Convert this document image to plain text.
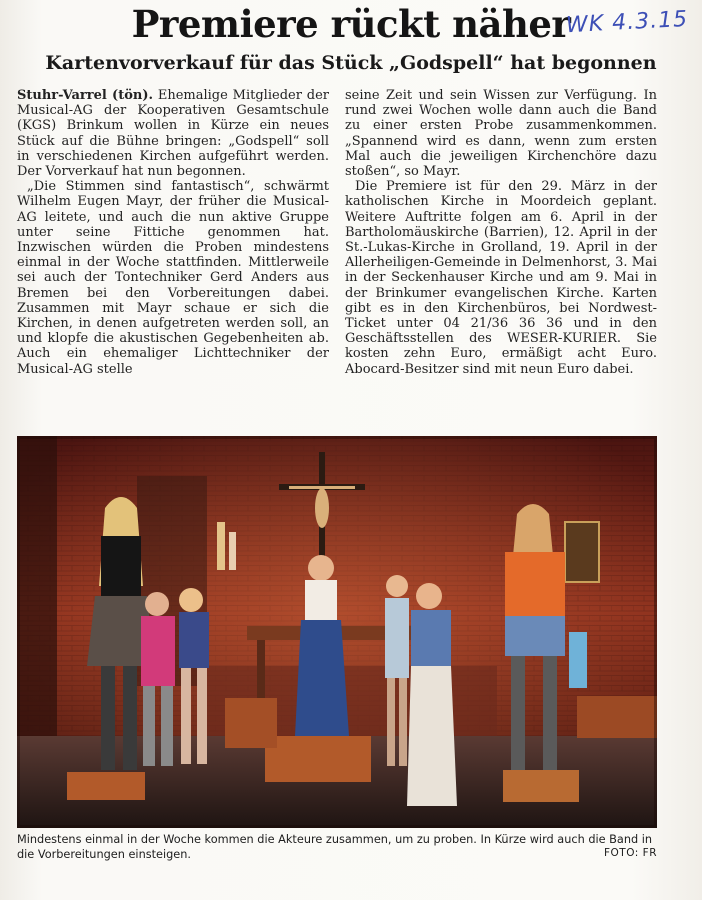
Premiere rückt näher
WK 4.3.15
Kartenvorverkauf für das Stück „Godspell“ hat begonnen

Stuhr-Varrel (tön). Ehemalige Mitglieder der Musical-AG der Kooperativen Gesamtschule (KGS) Brinkum wollen in Kürze ein neues Stück auf die Bühne bringen: „Godspell“ soll in verschiedenen Kirchen aufgeführt werden. Der Vorverkauf hat nun begonnen.

„Die Stimmen sind fantastisch“, schwärmt Wilhelm Eugen Mayr, der früher die Musical-AG leitete, und auch die nun aktive Gruppe unter seine Fittiche genommen hat. Inzwischen würden die Proben mindestens einmal in der Woche stattfinden. Mittlerweile sei auch der Tontechniker Gerd Anders aus Bremen bei den Vorbereitungen dabei. Zusammen mit Mayr schaue er sich die Kirchen, in denen aufgetreten werden soll, an und klopfe die akustischen Gegebenheiten ab. Auch ein ehemaliger Lichttechniker der Musical-AG stelle

seine Zeit und sein Wissen zur Verfügung. In rund zwei Wochen wolle dann auch die Band zu einer ersten Probe zusammenkommen. „Spannend wird es dann, wenn zum ersten Mal auch die jeweiligen Kirchenchöre dazu stoßen“, so Mayr.

Die Premiere ist für den 29. März in der katholischen Kirche in Moordeich geplant. Weitere Auftritte folgen am 6. April in der Bartholomäuskirche (Barrien), 12. April in der St.-Lukas-Kirche in Grolland, 19. April in der Allerheiligen-Gemeinde in Delmenhorst, 3. Mai in der Seckenhauser Kirche und am 9. Mai in der Brinkumer evangelischen Kirche. Karten gibt es in den Kirchenbüros, bei Nordwest-Ticket unter 04 21/36 36 36 und in den Geschäftsstellen des WESER-KURIER. Sie kosten zehn Euro, ermäßigt acht Euro. Abocard-Besitzer sind mit neun Euro dabei.

Mindestens einmal in der Woche kommen die Akteure zusammen, um zu proben. In Kürze wird auch die Band in die Vorbereitungen einsteigen.	FOTO: FR
